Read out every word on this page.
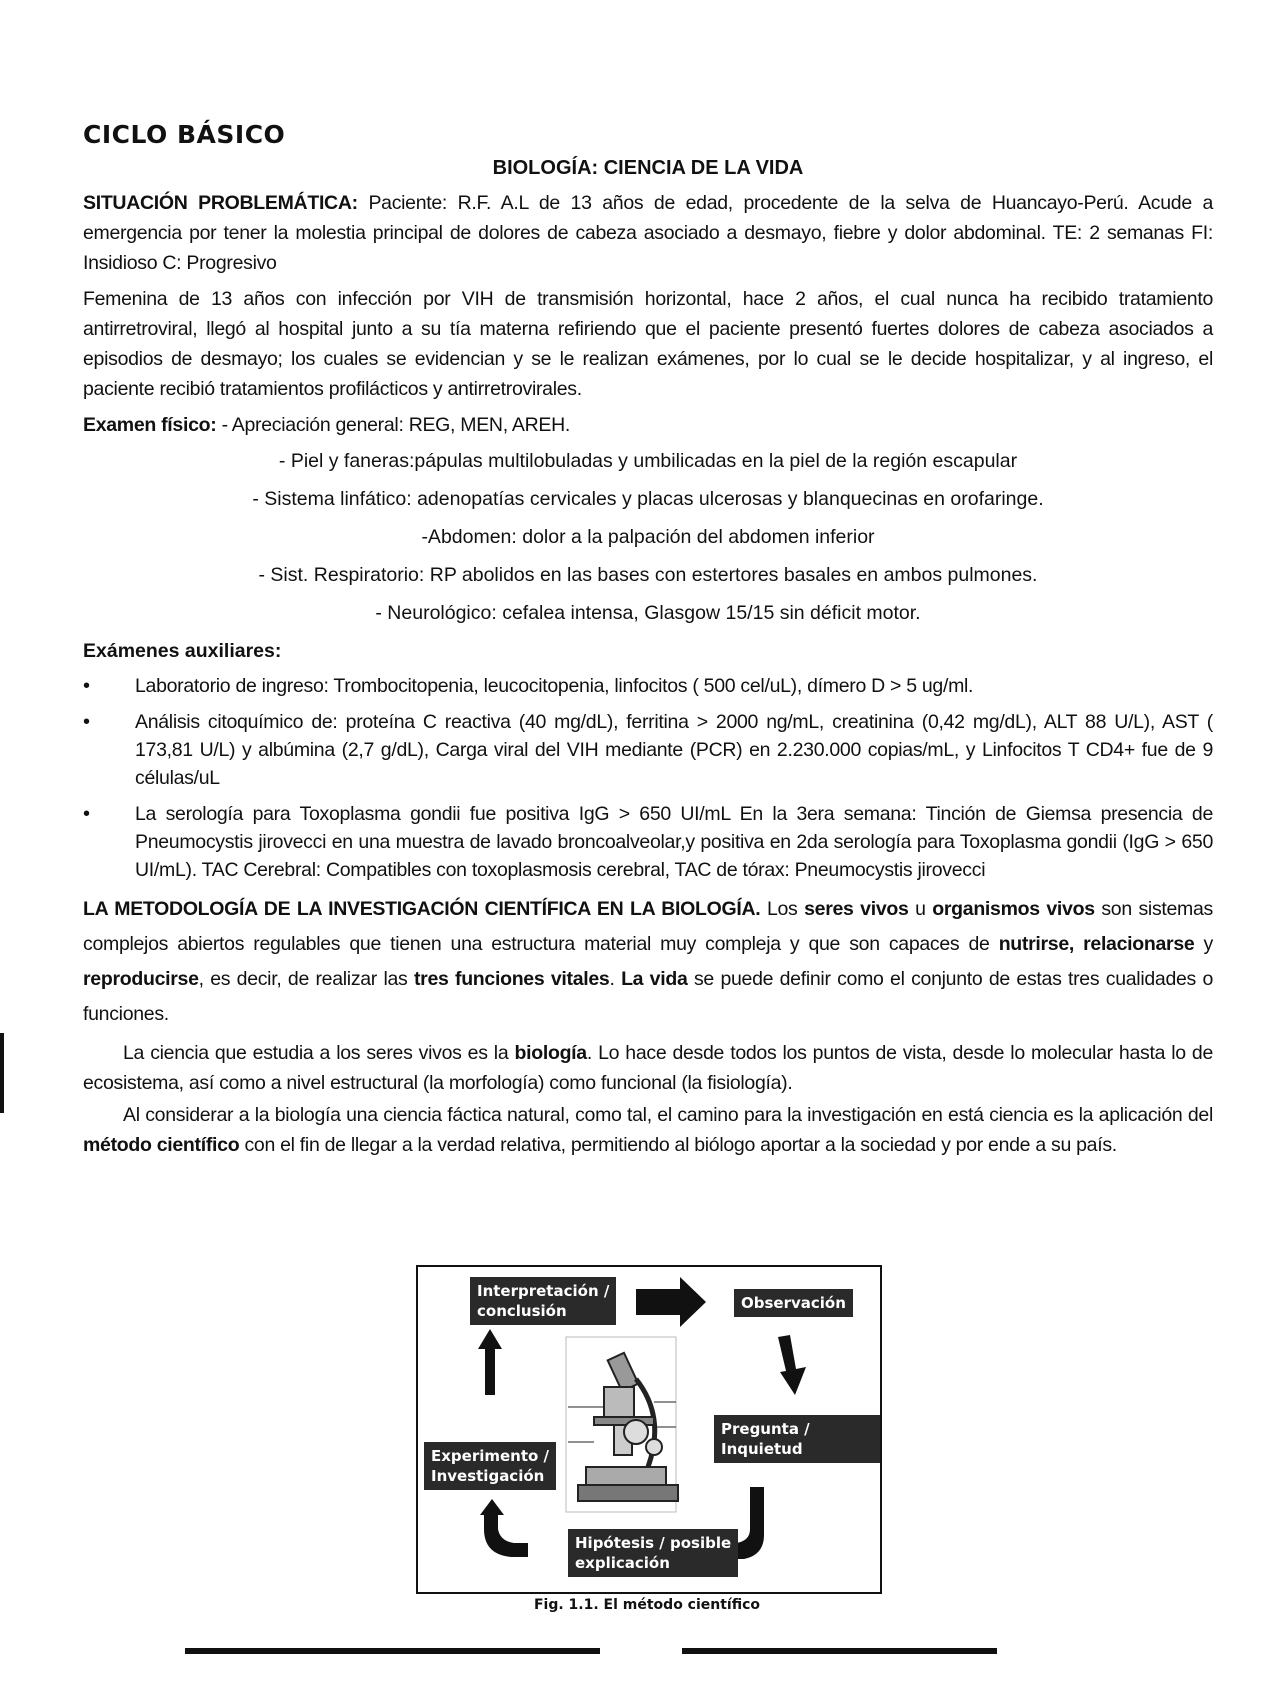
CICLO BÁSICO
BIOLOGÍA: CIENCIA DE LA VIDA
SITUACIÓN PROBLEMÁTICA: Paciente: R.F. A.L de 13 años de edad, procedente de la selva de Huancayo-Perú. Acude a emergencia por tener la molestia principal de dolores de cabeza asociado a desmayo, fiebre y dolor abdominal. TE: 2 semanas FI: Insidioso C: Progresivo
Femenina de 13 años con infección por VIH de transmisión horizontal, hace 2 años, el cual nunca ha recibido tratamiento antirretroviral, llegó al hospital junto a su tía materna refiriendo que el paciente presentó fuertes dolores de cabeza asociados a episodios de desmayo; los cuales se evidencian y se le realizan exámenes, por lo cual se le decide hospitalizar, y al ingreso, el paciente recibió tratamientos profilácticos y antirretrovirales.
Examen físico: - Apreciación general: REG, MEN, AREH.
- Piel y faneras:pápulas multilobuladas y umbilicadas en la piel de la región escapular
- Sistema linfático: adenopatías cervicales y placas ulcerosas y blanquecinas en orofaringe.
-Abdomen: dolor a la palpación del abdomen inferior
- Sist. Respiratorio: RP abolidos en las bases con estertores basales en ambos pulmones.
- Neurológico: cefalea intensa, Glasgow 15/15 sin déficit motor.
Exámenes auxiliares:
• Laboratorio de ingreso: Trombocitopenia, leucocitopenia, linfocitos ( 500 cel/uL), dímero D > 5 ug/ml.
• Análisis citoquímico de: proteína C reactiva (40 mg/dL), ferritina > 2000 ng/mL, creatinina (0,42 mg/dL), ALT 88 U/L), AST ( 173,81 U/L) y albúmina (2,7 g/dL), Carga viral del VIH mediante (PCR) en 2.230.000 copias/mL, y Linfocitos T CD4+ fue de 9 células/uL
• La serología para Toxoplasma gondii fue positiva IgG > 650 UI/mL En la 3era semana: Tinción de Giemsa presencia de Pneumocystis jirovecci en una muestra de lavado broncoalveolar,y positiva en 2da serología para Toxoplasma gondii (IgG > 650 UI/mL). TAC Cerebral: Compatibles con toxoplasmosis cerebral, TAC de tórax: Pneumocystis jirovecci
LA METODOLOGÍA DE LA INVESTIGACIÓN CIENTÍFICA EN LA BIOLOGÍA. Los seres vivos u organismos vivos son sistemas complejos abiertos regulables que tienen una estructura material muy compleja y que son capaces de nutrirse, relacionarse y reproducirse, es decir, de realizar las tres funciones vitales. La vida se puede definir como el conjunto de estas tres cualidades o funciones.
La ciencia que estudia a los seres vivos es la biología. Lo hace desde todos los puntos de vista, desde lo molecular hasta lo de ecosistema, así como a nivel estructural (la morfología) como funcional (la fisiología).
Al considerar a la biología una ciencia fáctica natural, como tal, el camino para la investigación en está ciencia es la aplicación del método científico con el fin de llegar a la verdad relativa, permitiendo al biólogo aportar a la sociedad y por ende a su país.
Interpretación /
conclusión	Observación
Pregunta / Inquietud
Experimento /
Investigación
Hipótesis / posible
explicación
Fig. 1.1. El método científico
